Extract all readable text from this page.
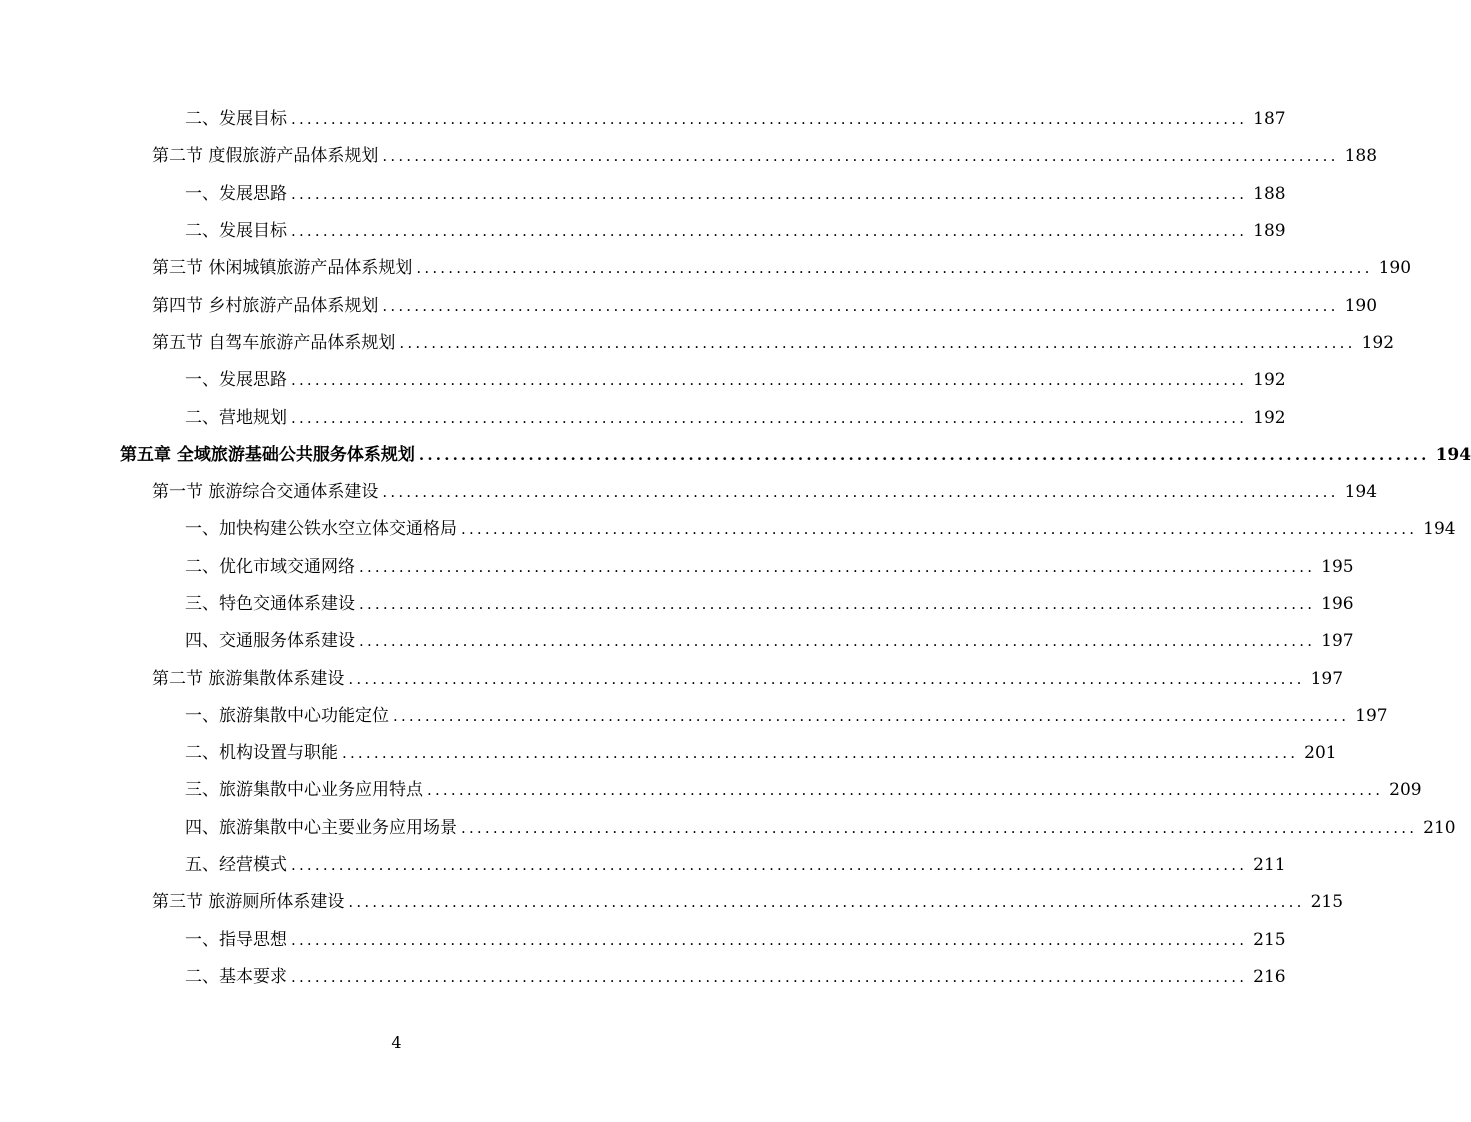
二、发展目标 ........................................................................................................................ 187
第二节 度假旅游产品体系规划 ........................................................................................................................ 188
一、发展思路 ........................................................................................................................ 188
二、发展目标 ........................................................................................................................ 189
第三节 休闲城镇旅游产品体系规划 ........................................................................................................................ 190
第四节 乡村旅游产品体系规划 ........................................................................................................................ 190
第五节 自驾车旅游产品体系规划 ........................................................................................................................ 192
一、发展思路 ........................................................................................................................ 192
二、营地规划 ........................................................................................................................ 192
第五章 全域旅游基础公共服务体系规划 ........................................................................................................................ 194
第一节 旅游综合交通体系建设 ........................................................................................................................ 194
一、加快构建公铁水空立体交通格局 ........................................................................................................................ 194
二、优化市域交通网络 ........................................................................................................................ 195
三、特色交通体系建设 ........................................................................................................................ 196
四、交通服务体系建设 ........................................................................................................................ 197
第二节 旅游集散体系建设 ........................................................................................................................ 197
一、旅游集散中心功能定位 ........................................................................................................................ 197
二、机构设置与职能 ........................................................................................................................ 201
三、旅游集散中心业务应用特点 ........................................................................................................................ 209
四、旅游集散中心主要业务应用场景 ........................................................................................................................ 210
五、经营模式 ........................................................................................................................ 211
第三节 旅游厕所体系建设 ........................................................................................................................ 215
一、指导思想 ........................................................................................................................ 215
二、基本要求 ........................................................................................................................ 216
4
